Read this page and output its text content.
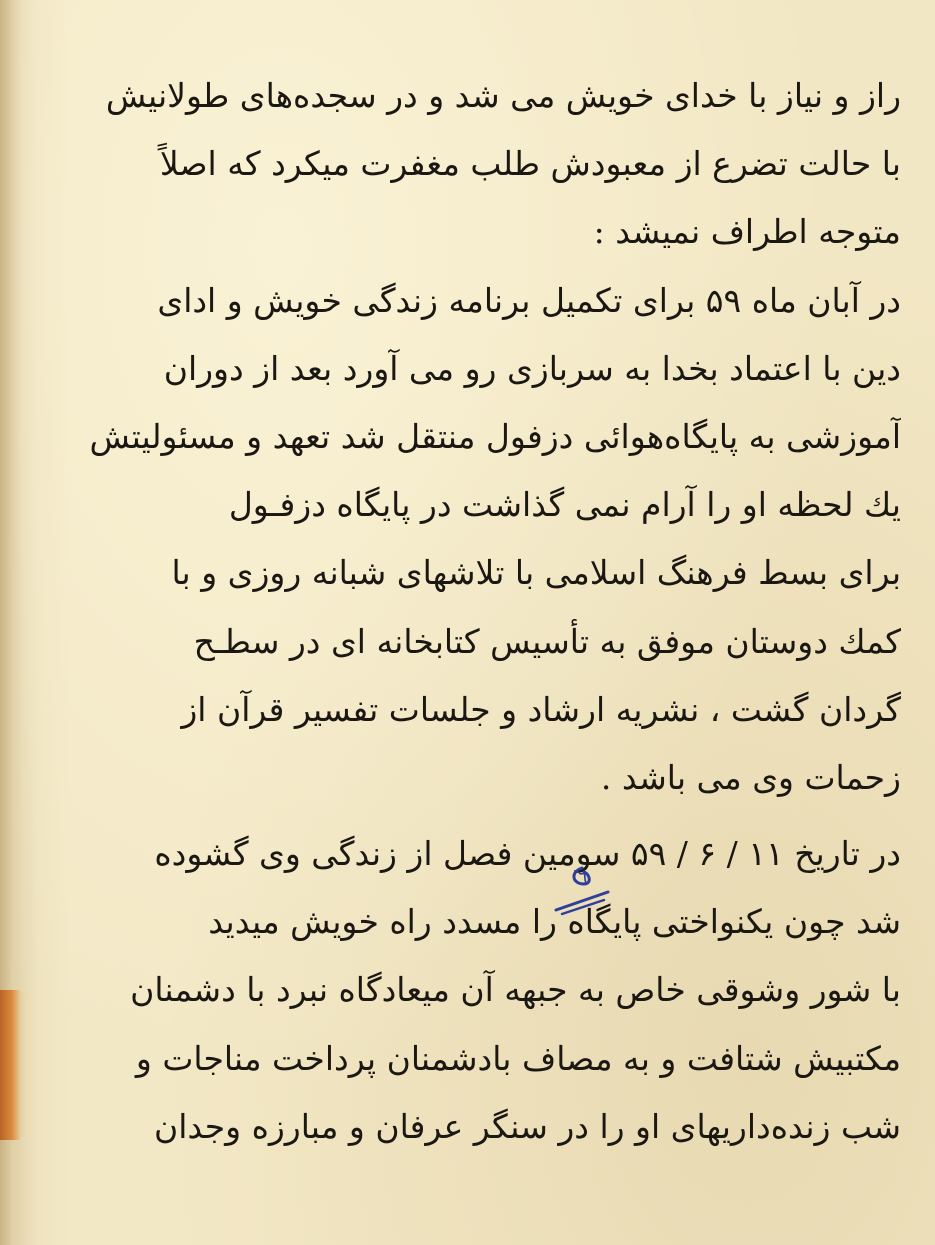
راز و نیاز با خدای خویش می شد و در سجده‌های طولانیش
با حالت تضرع از معبودش طلب مغفرت میکرد که اصلاً
متوجه اطراف نمیشد :
در آبان ماه ۵۹ برای تکمیل برنامه زندگی خویش و ادای
دین با اعتماد بخدا به سربازی رو می آورد بعد از دوران
آموزشی به پایگاه‌هوائی دزفول منتقل شد تعهد و مسئولیتش
یك لحظه او را آرام نمی گذاشت در پایگاه دزفـول
برای بسط فرهنگ اسلامی با تلاشهای شبانه روزی و با
کمك دوستان موفق به تأسیس کتابخانه ای در سطـح
گردان گشت ، نشریه ارشاد و جلسات تفسیر قرآن از
زحمات وی می باشد .
در تاریخ ۱۱ / ۶ / ۵۹ سومین فصل از زندگی وی گشوده
شد چون یکنواختی پایگاه را مسدد راه خویش میدید
با شور وشوقی خاص به جبهه آن میعادگاه نبرد با دشمنان
مکتبیش شتافت و به مصاف بادشمنان پرداخت مناجات و
شب زنده‌داریهای او را در سنگر عرفان و مبارزه وجدان
٦
